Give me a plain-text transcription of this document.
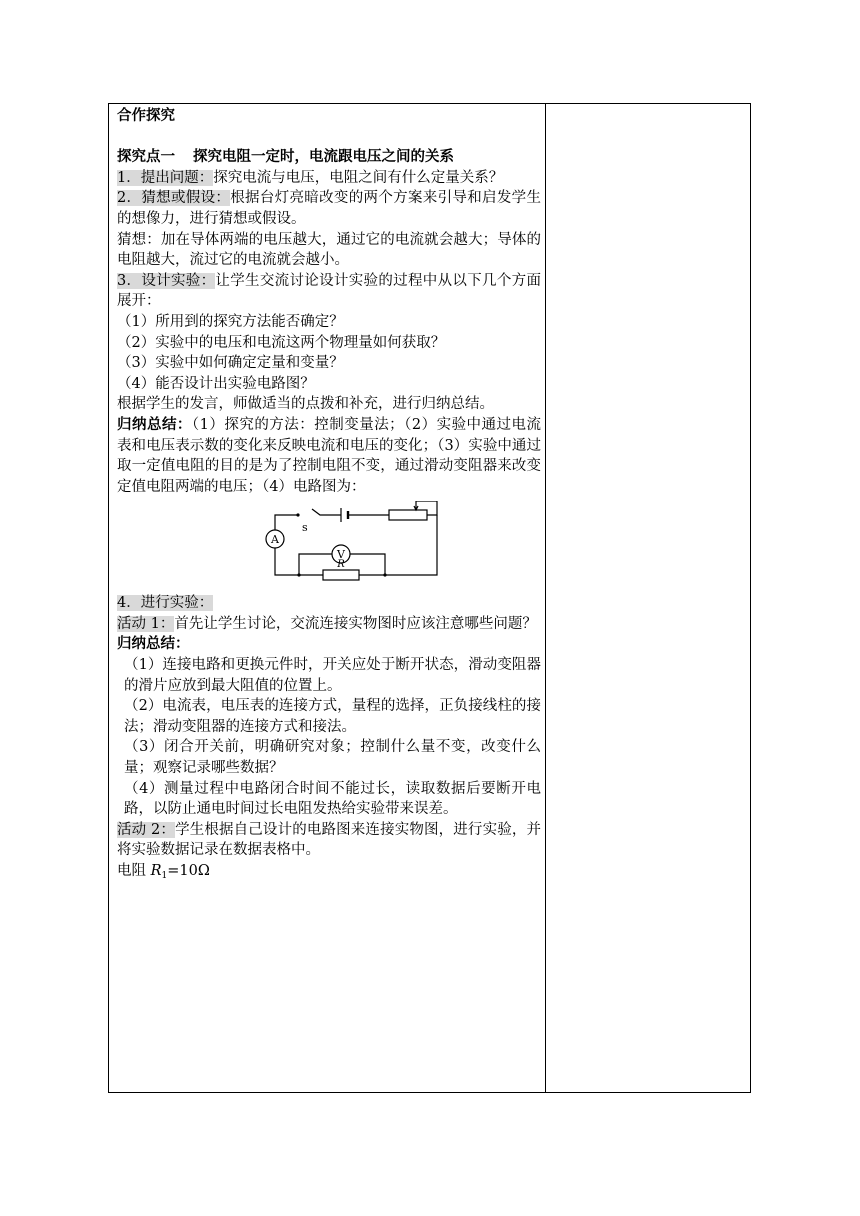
合作探究

探究点一 探究电阻一定时，电流跟电压之间的关系

1．提出问题：探究电流与电压，电阻之间有什么定量关系？

2．猜想或假设：根据台灯亮暗改变的两个方案来引导和启发学生的想像力，进行猜想或假设。

猜想：加在导体两端的电压越大，通过它的电流就会越大；导体的电阻越大，流过它的电流就会越小。

3．设计实验：让学生交流讨论设计实验的过程中从以下几个方面展开：

（1）所用到的探究方法能否确定？

（2）实验中的电压和电流这两个物理量如何获取？

（3）实验中如何确定定量和变量？

（4）能否设计出实验电路图？

根据学生的发言，师做适当的点拨和补充，进行归纳总结。

归纳总结：（1）探究的方法：控制变量法；（2）实验中通过电流表和电压表示数的变化来反映电流和电压的变化；（3）实验中通过取一定值电阻的目的是为了控制电阻不变，通过滑动变阻器来改变定值电阻两端的电压；（4）电路图为：

s
A
V
R

4．进行实验：

活动 1：首先让学生讨论，交流连接实物图时应该注意哪些问题？

归纳总结：

（1）连接电路和更换元件时，开关应处于断开状态，滑动变阻器的滑片应放到最大阻值的位置上。

（2）电流表，电压表的连接方式，量程的选择，正负接线柱的接法；滑动变阻器的连接方式和接法。

（3）闭合开关前，明确研究对象；控制什么量不变，改变什么量；观察记录哪些数据？

（4）测量过程中电路闭合时间不能过长，读取数据后要断开电路，以防止通电时间过长电阻发热给实验带来误差。

活动 2：学生根据自己设计的电路图来连接实物图，进行实验，并将实验数据记录在数据表格中。

电阻 $R_1=10\Omega$
